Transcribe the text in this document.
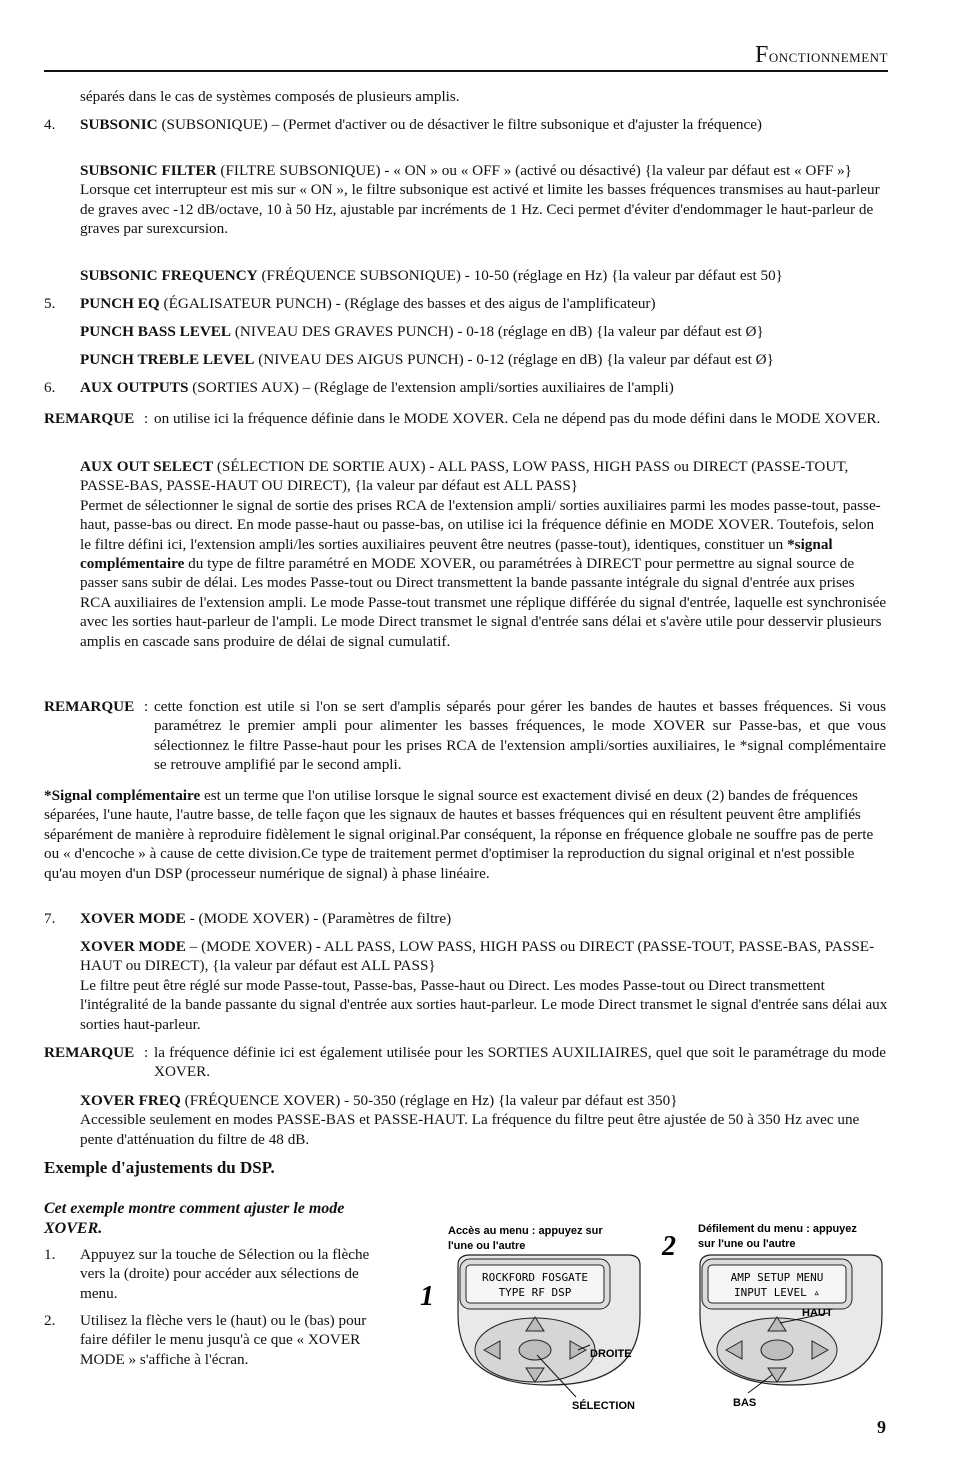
Fonctionnement
séparés dans le cas de systèmes composés de plusieurs amplis.
4.	SUBSONIC (SUBSONIQUE) – (Permet d'activer ou de désactiver le filtre subsonique et d'ajuster la fréquence)
SUBSONIC FILTER (FILTRE SUBSONIQUE) - « ON » ou « OFF » (activé ou désactivé) {la valeur par défaut est « OFF »}
Lorsque cet interrupteur est mis sur « ON », le filtre subsonique est activé et limite les basses fréquences transmises au haut-parleur de graves avec -12 dB/octave, 10 à 50 Hz, ajustable par incréments de 1 Hz. Ceci permet d'éviter d'endommager le haut-parleur de graves par surexcursion.
SUBSONIC FREQUENCY (FRÉQUENCE SUBSONIQUE) - 10-50 (réglage en Hz) {la valeur par défaut est 50}
5.	PUNCH EQ (ÉGALISATEUR PUNCH) - (Réglage des basses et des aigus de l'amplificateur)
PUNCH BASS LEVEL (NIVEAU DES GRAVES PUNCH) - 0-18 (réglage en dB) {la valeur par défaut est Ø}
PUNCH TREBLE LEVEL (NIVEAU DES AIGUS PUNCH) - 0-12 (réglage en dB) {la valeur par défaut est Ø}
6.	AUX OUTPUTS (SORTIES AUX) – (Réglage de l'extension ampli/sorties auxiliaires de l'ampli)
REMARQUE : on utilise ici la fréquence définie dans le MODE XOVER. Cela ne dépend pas du mode défini dans le MODE XOVER.
AUX OUT SELECT (SÉLECTION DE SORTIE AUX) - ALL PASS, LOW PASS, HIGH PASS ou DIRECT (PASSE-TOUT, PASSE-BAS, PASSE-HAUT OU DIRECT), {la valeur par défaut est ALL PASS}
Permet de sélectionner le signal de sortie des prises RCA de l'extension ampli/ sorties auxiliaires parmi les modes passe-tout, passe-haut, passe-bas ou direct. En mode passe-haut ou passe-bas, on utilise ici la fréquence définie en MODE XOVER. Toutefois, selon le filtre défini ici, l'extension ampli/les sorties auxiliaires peuvent être neutres (passe-tout), identiques, constituer un *signal complémentaire du type de filtre paramétré en MODE XOVER, ou paramétrées à DIRECT pour permettre au signal source de passer sans subir de délai. Les modes Passe-tout ou Direct transmettent la bande passante intégrale du signal d'entrée aux prises RCA auxiliaires de l'extension ampli. Le mode Passe-tout transmet une réplique différée du signal d'entrée, laquelle est synchronisée avec les sorties haut-parleur de l'ampli. Le mode Direct transmet le signal d'entrée sans délai et s'avère utile pour desservir plusieurs amplis en cascade sans produire de délai de signal cumulatif.
REMARQUE : cette fonction est utile si l'on se sert d'amplis séparés pour gérer les bandes de hautes et basses fréquences. Si vous paramétrez le premier ampli pour alimenter les basses fréquences, le mode XOVER sur Passe-bas, et que vous sélectionnez le filtre Passe-haut pour les prises RCA de l'extension ampli/sorties auxiliaires, le *signal complémentaire se retrouve amplifié par le second ampli.
*Signal complémentaire est un terme que l'on utilise lorsque le signal source est exactement divisé en deux (2) bandes de fréquences séparées, l'une haute, l'autre basse, de telle façon que les signaux de hautes et basses fréquences qui en résultent peuvent être amplifiés séparément de manière à reproduire fidèlement le signal original.Par conséquent, la réponse en fréquence globale ne souffre pas de perte ou « d'encoche » à cause de cette division.Ce type de traitement permet d'optimiser la reproduction du signal original et n'est possible qu'au moyen d'un DSP (processeur numérique de signal) à phase linéaire.
7.	XOVER MODE - (MODE XOVER) - (Paramètres de filtre)
XOVER MODE – (MODE XOVER) - ALL PASS, LOW PASS, HIGH PASS ou DIRECT (PASSE-TOUT, PASSE-BAS, PASSE-HAUT ou DIRECT), {la valeur par défaut est ALL PASS}
Le filtre peut être réglé sur mode Passe-tout, Passe-bas, Passe-haut ou Direct. Les modes Passe-tout ou Direct transmettent l'intégralité de la bande passante du signal d'entrée aux sorties haut-parleur. Le mode Direct transmet le signal d'entrée sans délai aux sorties haut-parleur.
REMARQUE : la fréquence définie ici est également utilisée pour les SORTIES AUXILIAIRES, quel que soit le paramétrage du mode XOVER.
XOVER FREQ (FRÉQUENCE XOVER) - 50-350 (réglage en Hz) {la valeur par défaut est 350}
Accessible seulement en modes PASSE-BAS et PASSE-HAUT. La fréquence du filtre peut être ajustée de 50 à 350 Hz avec une pente d'atténuation du filtre de 48 dB.
Exemple d'ajustements du DSP.
Cet exemple montre comment ajuster le mode XOVER.
1.	Appuyez sur la touche de Sélection ou la flèche vers la (droite) pour accéder aux sélections de menu.
2.	Utilisez la flèche vers le (haut) ou le (bas) pour faire défiler le menu jusqu'à ce que « XOVER MODE » s'affiche à l'écran.
1
Accès au menu : appuyez sur
l'une ou l'autre
ROCKFORD FOSGATE
TYPE RF DSP
DROITE
SÉLECTION
2
Défilement du menu : appuyez
sur l'une ou l'autre
AMP SETUP MENU
INPUT LEVEL ▵
HAUT
BAS
9
